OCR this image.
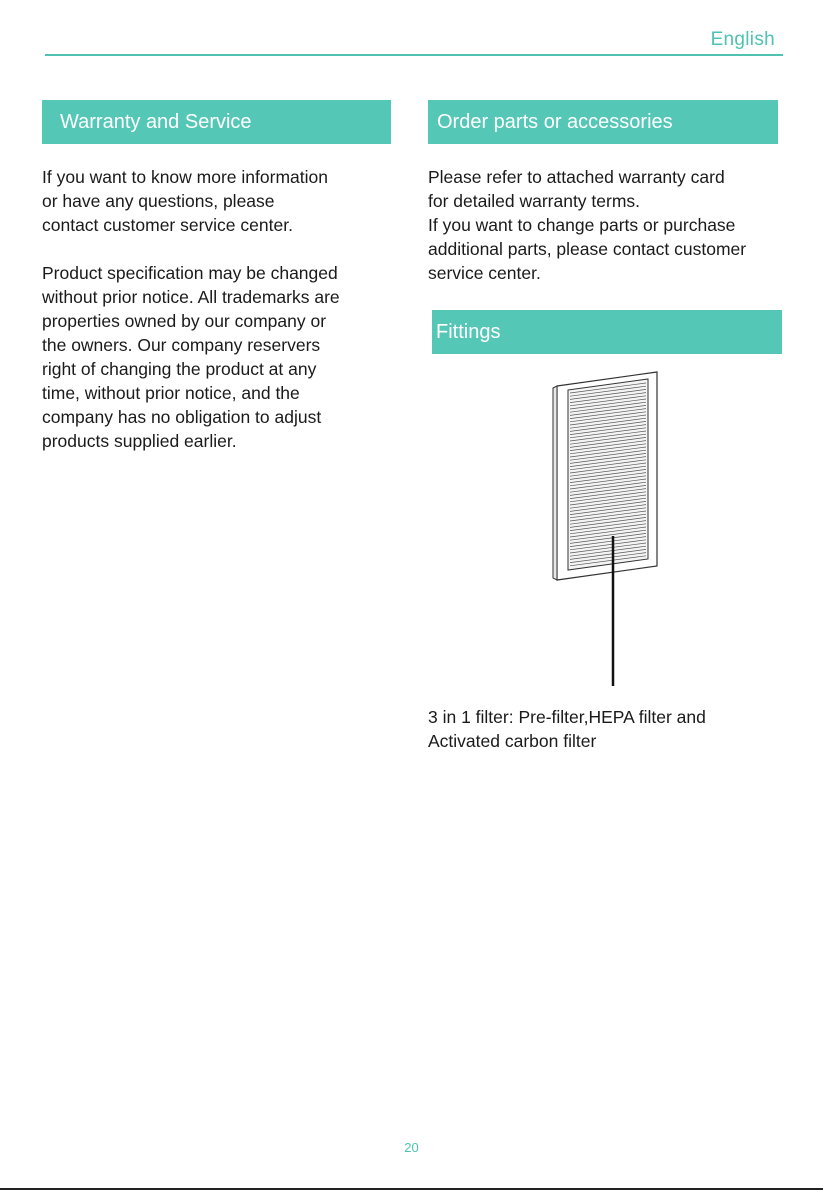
English
Warranty and Service
If you want to know more information
or have any questions, please
contact customer service center.
Product specification may be changed
without prior notice. All trademarks are
properties owned by our company or
the owners. Our company reservers
right of changing the product at any
time, without prior notice, and the
company has no obligation to adjust
products supplied earlier.
Order parts or accessories
Please refer to attached warranty card
for detailed warranty terms.
If you want to change parts or purchase
additional parts, please contact customer
service center.
Fittings
3 in 1 filter: Pre-filter,HEPA filter and
Activated carbon filter
20
